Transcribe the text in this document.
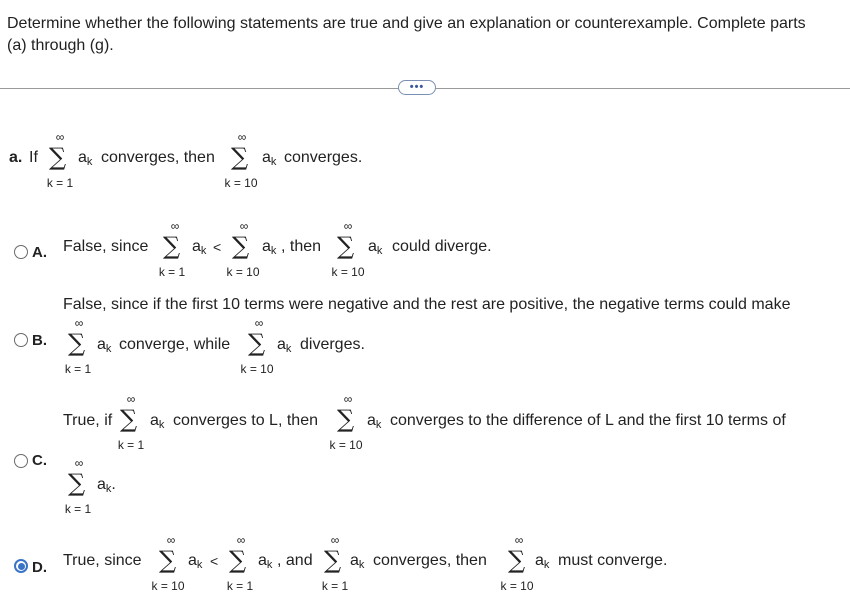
Determine whether the following statements are true and give an explanation or counterexample. Complete parts (a) through (g).
•••
a. If
∞
∑
k = 1
$a_k$ converges, then
∞
∑
k = 10
$a_k$ converges.
A. False, since
∞
∑
k = 1
$a_k$ <
∞
∑
k = 10
$a_k$ , then
∞
∑
k = 10
$a_k$ could diverge.
False, since if the first 10 terms were negative and the rest are positive, the negative terms could make
B.
∞
∑
k = 1
$a_k$ converge, while
∞
∑
k = 10
$a_k$ diverges.
True, if
∞
∑
k = 1
$a_k$ converges to L, then
∞
∑
k = 10
$a_k$ converges to the difference of L and the first 10 terms of
C.	∞
∑
k = 1
$a_k$.
D. True, since
∞
∑
k = 10
$a_k$ <
∞
∑
k = 1
$a_k$ , and
∞
∑
k = 1
$a_k$ converges, then
∞
∑
k = 10
$a_k$ must converge.
